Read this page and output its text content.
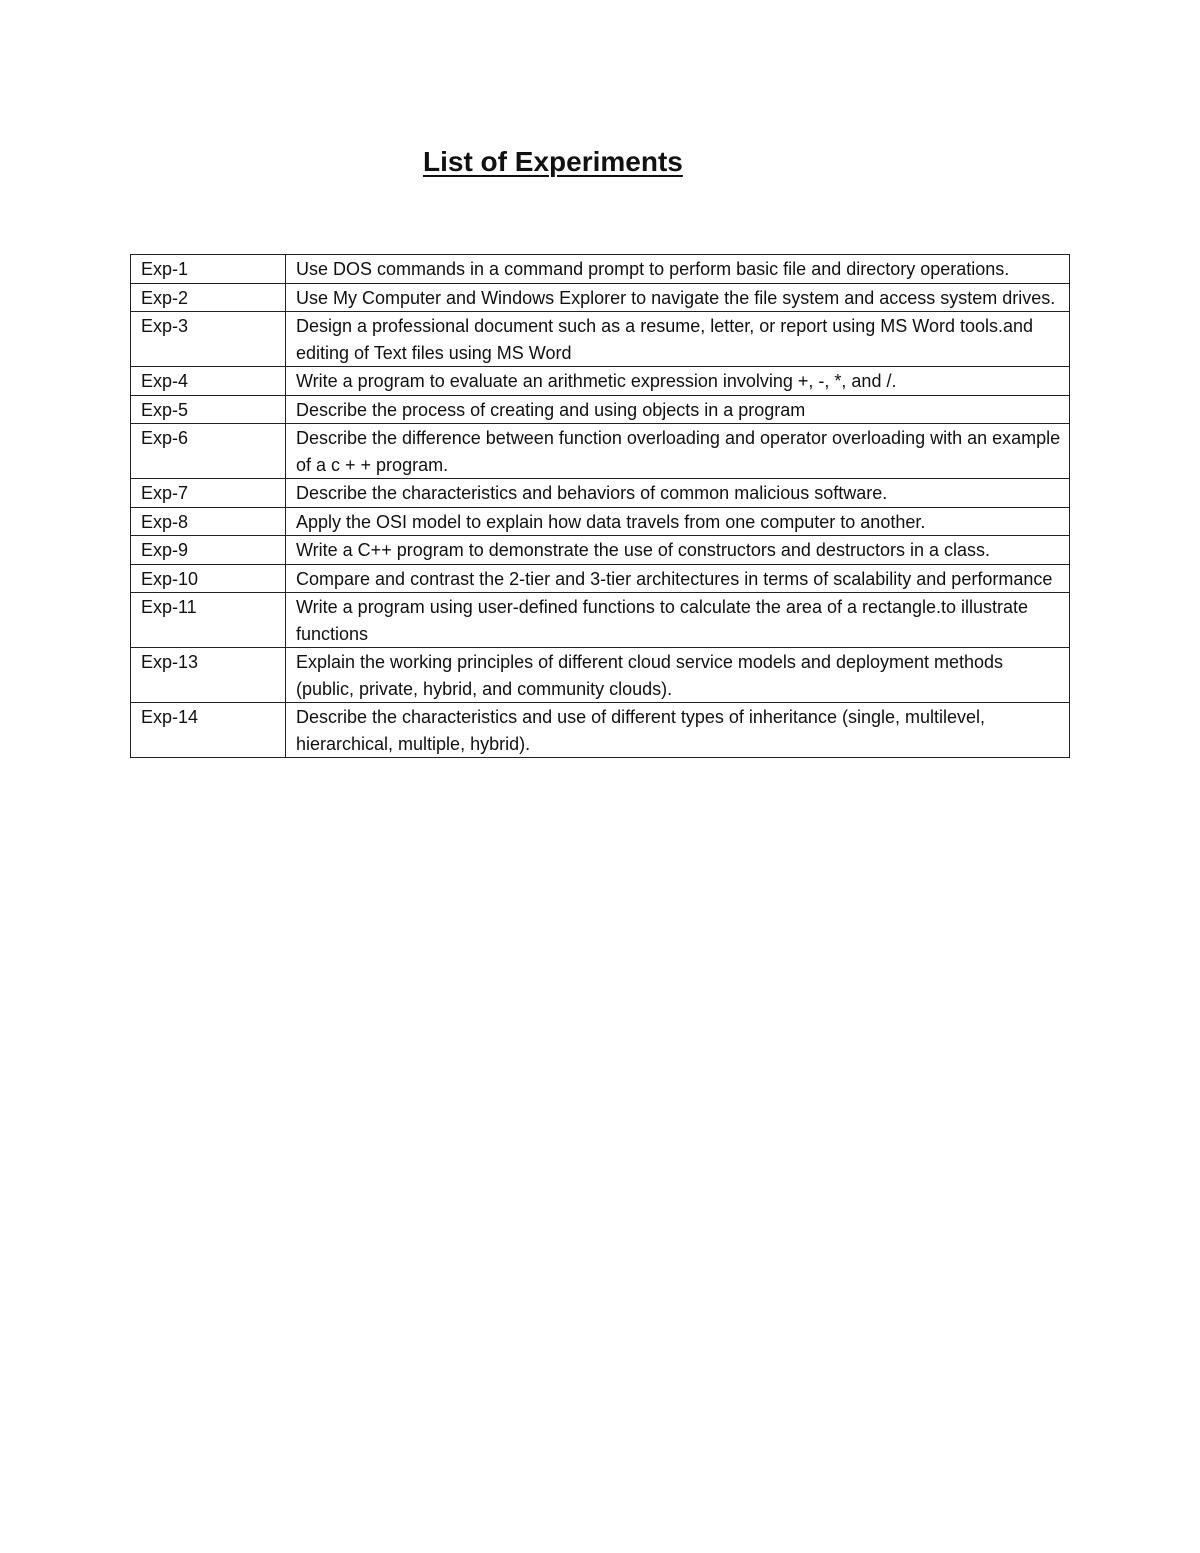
List of Experiments
Exp-1	Use DOS commands in a command prompt to perform basic file and directory operations.
Exp-2	Use My Computer and Windows Explorer to navigate the file system and access system drives.
Exp-3	Design a professional document such as a resume, letter, or report using MS Word tools.and editing of Text files using MS Word
Exp-4	Write a program to evaluate an arithmetic expression involving +, -, *, and /.
Exp-5	Describe the process of creating and using objects in a program
Exp-6	Describe the difference between function overloading and operator overloading with an example of a c + + program.
Exp-7	Describe the characteristics and behaviors of common malicious software.
Exp-8	Apply the OSI model to explain how data travels from one computer to another.
Exp-9	Write a C++ program to demonstrate the use of constructors and destructors in a class.
Exp-10	Compare and contrast the 2-tier and 3-tier architectures in terms of scalability and performance
Exp-11	Write a program using user-defined functions to calculate the area of a rectangle.to illustrate functions
Exp-13	Explain the working principles of different cloud service models and deployment methods (public, private, hybrid, and community clouds).
Exp-14	Describe the characteristics and use of different types of inheritance (single, multilevel, hierarchical, multiple, hybrid).
